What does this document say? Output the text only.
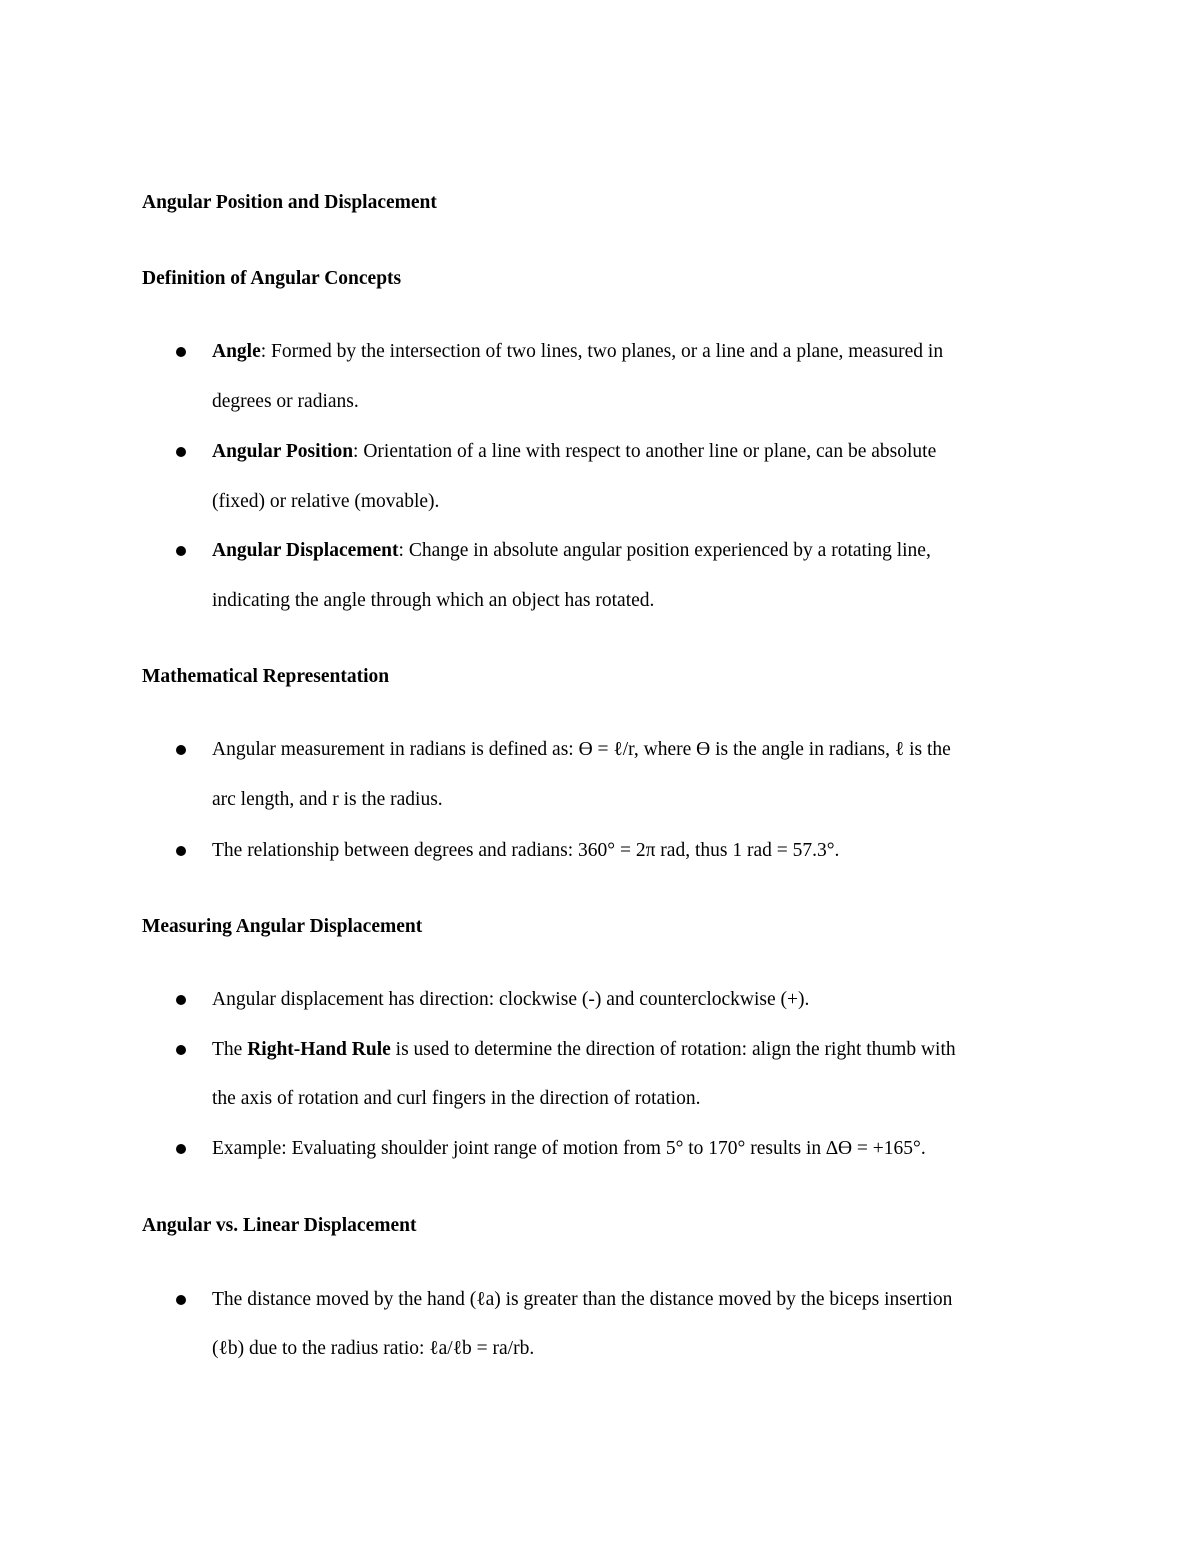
Angular Position and Displacement
Definition of Angular Concepts
Angle: Formed by the intersection of two lines, two planes, or a line and a plane, measured in
degrees or radians.
Angular Position: Orientation of a line with respect to another line or plane, can be absolute
(fixed) or relative (movable).
Angular Displacement: Change in absolute angular position experienced by a rotating line,
indicating the angle through which an object has rotated.
Mathematical Representation
Angular measurement in radians is defined as: ϴ = ℓ/r, where ϴ is the angle in radians, ℓ is the
arc length, and r is the radius.
The relationship between degrees and radians: 360° = 2π rad, thus 1 rad = 57.3°.
Measuring Angular Displacement
Angular displacement has direction: clockwise (-) and counterclockwise (+).
The Right-Hand Rule is used to determine the direction of rotation: align the right thumb with
the axis of rotation and curl fingers in the direction of rotation.
Example: Evaluating shoulder joint range of motion from 5° to 170° results in ∆ϴ = +165°.
Angular vs. Linear Displacement
The distance moved by the hand (ℓa) is greater than the distance moved by the biceps insertion
(ℓb) due to the radius ratio: ℓa/ℓb = ra/rb.
